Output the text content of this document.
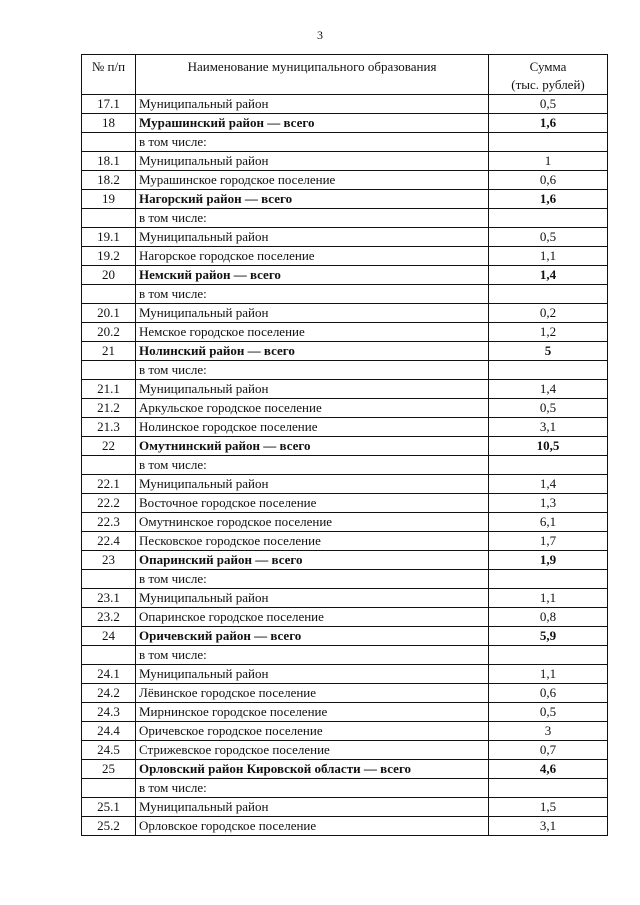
3
№ п/п	Наименование муниципального образования	Сумма
(тыс. рублей)
17.1	Муниципальный район	0,5
18	Мурашинский район — всего	1,6
	в том числе:	
18.1	Муниципальный район	1
18.2	Мурашинское городское поселение	0,6
19	Нагорский район — всего	1,6
	в том числе:	
19.1	Муниципальный район	0,5
19.2	Нагорское городское поселение	1,1
20	Немский район — всего	1,4
	в том числе:	
20.1	Муниципальный район	0,2
20.2	Немское городское поселение	1,2
21	Нолинский район — всего	5
	в том числе:	
21.1	Муниципальный район	1,4
21.2	Аркульское городское поселение	0,5
21.3	Нолинское городское поселение	3,1
22	Омутнинский район — всего	10,5
	в том числе:	
22.1	Муниципальный район	1,4
22.2	Восточное городское поселение	1,3
22.3	Омутнинское городское поселение	6,1
22.4	Песковское городское поселение	1,7
23	Опаринский район — всего	1,9
	в том числе:	
23.1	Муниципальный район	1,1
23.2	Опаринское городское поселение	0,8
24	Оричевский район — всего	5,9
	в том числе:	
24.1	Муниципальный район	1,1
24.2	Лёвинское городское поселение	0,6
24.3	Мирнинское городское поселение	0,5
24.4	Оричевское городское поселение	3
24.5	Стрижевское городское поселение	0,7
25	Орловский район Кировской области — всего	4,6
	в том числе:	
25.1	Муниципальный район	1,5
25.2	Орловское городское поселение	3,1
